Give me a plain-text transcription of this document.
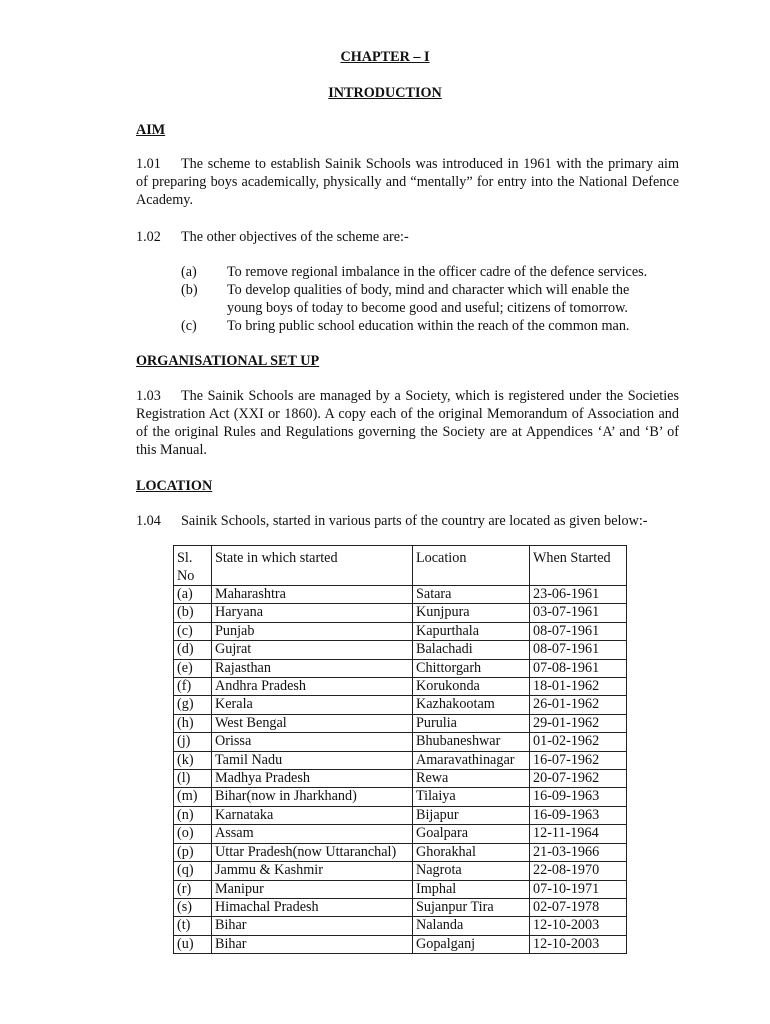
CHAPTER – I
INTRODUCTION
AIM

1.01 The scheme to establish Sainik Schools was introduced in 1961 with the primary aim of preparing boys academically, physically and “mentally” for entry into the National Defence Academy.

1.02 The other objectives of the scheme are:-

(a) To remove regional imbalance in the officer cadre of the defence services.
(b) To develop qualities of body, mind and character which will enable the young boys of today to become good and useful; citizens of tomorrow.
(c) To bring public school education within the reach of the common man.
ORGANISATIONAL SET UP

1.03 The Sainik Schools are managed by a Society, which is registered under the Societies Registration Act (XXI or 1860). A copy each of the original Memorandum of Association and of the original Rules and Regulations governing the Society are at Appendices ‘A’ and ‘B’ of this Manual.

LOCATION

1.04 Sainik Schools, started in various parts of the country are located as given below:-

Sl. No	State in which started	Location	When Started
(a)	Maharashtra	Satara	23-06-1961
(b)	Haryana	Kunjpura	03-07-1961
(c)	Punjab	Kapurthala	08-07-1961
(d)	Gujrat	Balachadi	08-07-1961
(e)	Rajasthan	Chittorgarh	07-08-1961
(f)	Andhra Pradesh	Korukonda	18-01-1962
(g)	Kerala	Kazhakootam	26-01-1962
(h)	West Bengal	Purulia	29-01-1962
(j)	Orissa	Bhubaneshwar	01-02-1962
(k)	Tamil Nadu	Amaravathinagar	16-07-1962
(l)	Madhya Pradesh	Rewa	20-07-1962
(m)	Bihar(now in Jharkhand)	Tilaiya	16-09-1963
(n)	Karnataka	Bijapur	16-09-1963
(o)	Assam	Goalpara	12-11-1964
(p)	Uttar Pradesh(now Uttaranchal)	Ghorakhal	21-03-1966
(q)	Jammu & Kashmir	Nagrota	22-08-1970
(r)	Manipur	Imphal	07-10-1971
(s)	Himachal Pradesh	Sujanpur Tira	02-07-1978
(t)	Bihar	Nalanda	12-10-2003
(u)	Bihar	Gopalganj	12-10-2003
